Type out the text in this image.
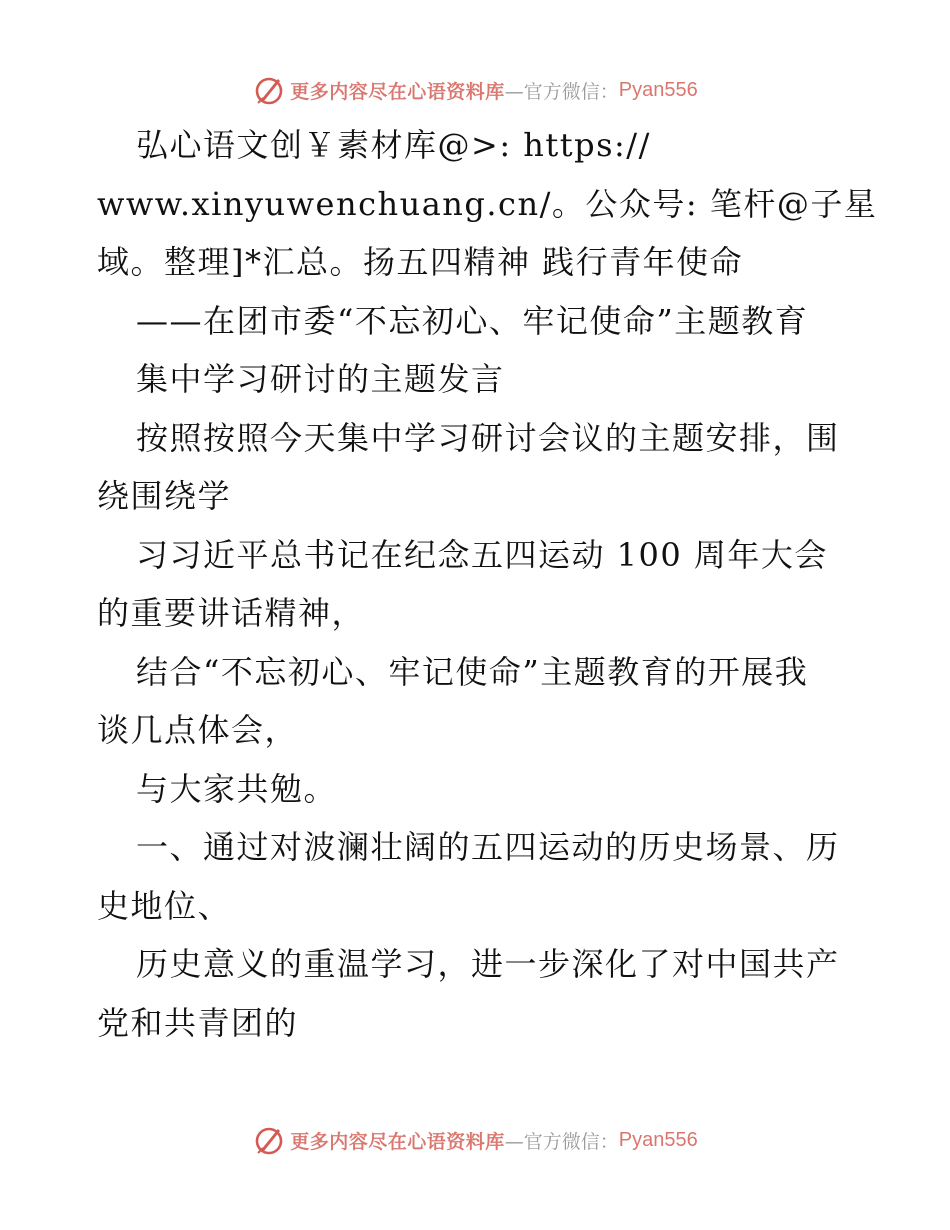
更多内容尽在心语资料库 —官方微信： Pyan556
弘心语文创￥素材库@>: https://
www.xinyuwenchuang.cn/。公众号: 笔杆@子星
域。整理]*汇总。扬五四精神 践行青年使命
——在团市委“不忘初心、牢记使命”主题教育
集中学习研讨的主题发言
按照按照今天集中学习研讨会议的主题安排，围
绕围绕学
习习近平总书记在纪念五四运动 100 周年大会
的重要讲话精神，
结合“不忘初心、牢记使命”主题教育的开展我
谈几点体会，
与大家共勉。
一、通过对波澜壮阔的五四运动的历史场景、历
史地位、
历史意义的重温学习，进一步深化了对中国共产
党和共青团的
更多内容尽在心语资料库 —官方微信： Pyan556
